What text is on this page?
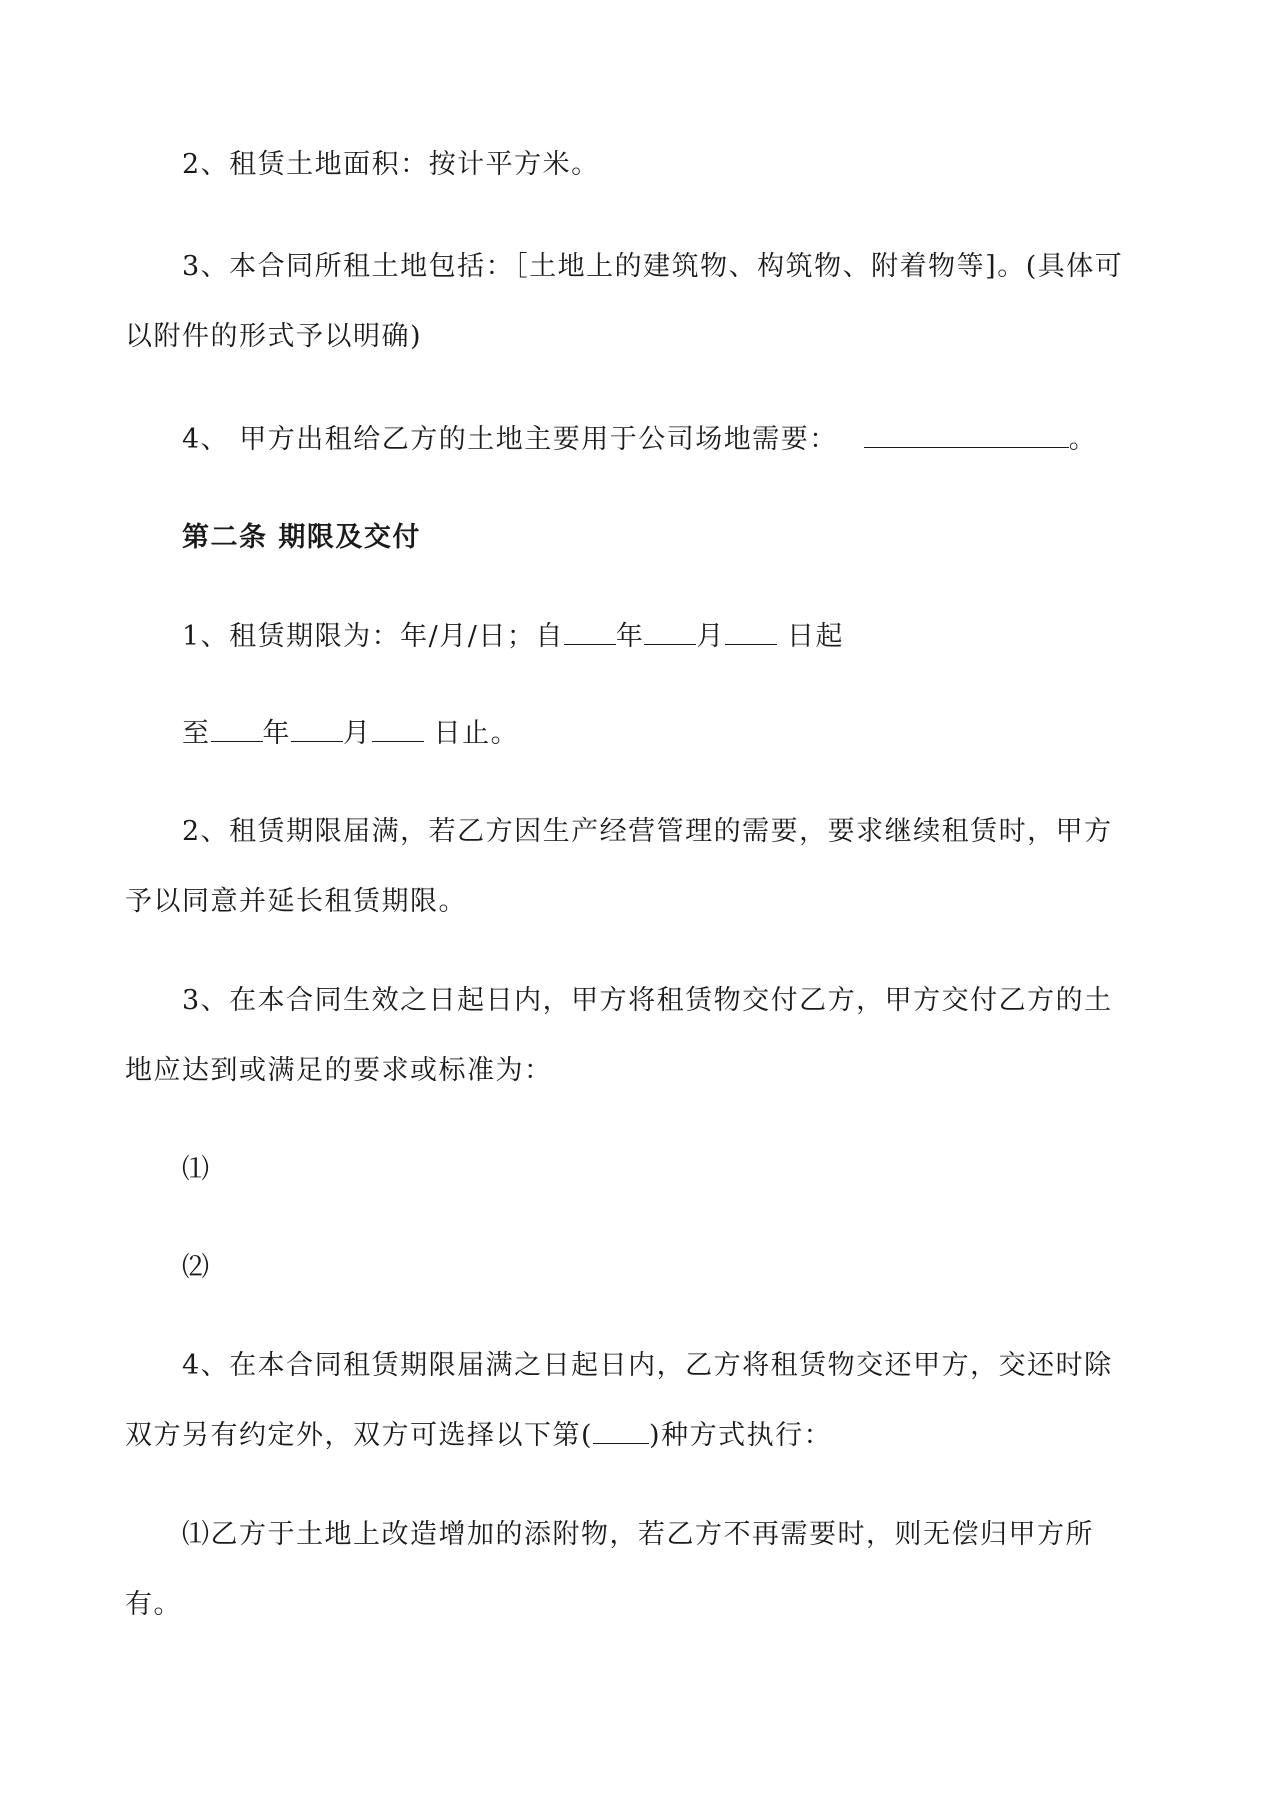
2、租赁土地面积：按计平方米。

3、本合同所租土地包括：［土地上的建筑物、构筑物、附着物等]。(具体可
以附件的形式予以明确)

4、 甲方出租给乙方的土地主要用于公司场地需要：	。

第二条 期限及交付

1、租赁期限为：年/月/日；自 年 月 日起

至 年 月 日止。

2、租赁期限届满，若乙方因生产经营管理的需要，要求继续租赁时，甲方
予以同意并延长租赁期限。

3、在本合同生效之日起日内，甲方将租赁物交付乙方，甲方交付乙方的土
地应达到或满足的要求或标准为：

⑴

⑵

4、在本合同租赁期限届满之日起日内，乙方将租赁物交还甲方，交还时除
双方另有约定外，双方可选择以下第( )种方式执行：

⑴乙方于土地上改造增加的添附物，若乙方不再需要时，则无偿归甲方所
有。
